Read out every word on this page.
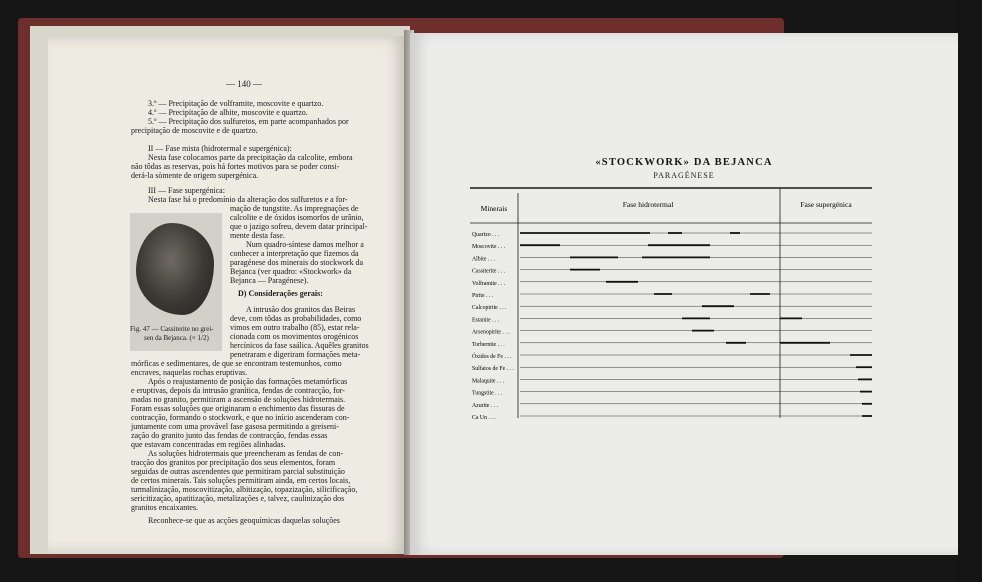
— 140 —
3.º — Precipitação de volframite, moscovite e quartzo.
4.º — Precipitação de albite, moscovite e quartzo.
5.º — Precipitação dos sulfuretos, em parte acompanhados por
precipitação de moscovite e de quartzo.
II — Fase mista (hidrotermal e supergénica):
Nesta fase colocamos parte da precipitação da calcolite, embora
não tôdas as reservas, pois há fortes motivos para se poder consi-
derá-la sòmente de origem supergénica.
III — Fase supergénica:
Nesta fase há o predomínio da alteração dos sulfuretos e a for-
Fig. 47 — Cassiterite no grei-
sen da Bejanca. (× 1/2)
mação de tungstite. As impregnações de
calcolite e de óxidos isomorfos de urânio,
que o jazigo sofreu, devem datar principal-
mente desta fase.
Num quadro-síntese damos melhor a
conhecer a interpretação que fizemos da
paragénese dos minerais do stockwork da
Bejanca (ver quadro: «Stockwork» da
Bejanca — Paragénese).
D) Considerações gerais:
A intrusão dos granitos das Beiras
deve, com tôdas as probabilidades, como
vimos em outro trabalho (85), estar rela-
cionada com os movimentos orogénicos
hercínicos da fase saálica. Aquêles granitos
penetraram e digeriram formações meta-
mórficas e sedimentares, de que se encontram testemunhos, como
encraves, naquelas rochas eruptivas.
Após o reajustamento de posição das formações metamórficas
e eruptivas, depois da intrusão granítica, fendas de contracção, for-
madas no granito, permitiram a ascensão de soluções hidrotermais.
Foram essas soluções que originaram o enchimento das fissuras de
contracção, formando o stockwork, e que no início ascenderam con-
juntamente com uma provável fase gasosa permitindo a greiseni-
zação do granito junto das fendas de contracção, fendas essas
que estavam concentradas em regiões alinhadas.
As soluções hidrotermais que preencheram as fendas de con-
tracção dos granitos por precipitação dos seus elementos, foram
seguidas de outras ascendentes que permitiram parcial substituição
de certos minerais. Tais soluções permitiram ainda, em certos locais,
turmalinização, moscovitização, albitização, topazização, silicificação,
sericitização, apatitização, metalizações e, talvez, caulinização dos
granitos encaixantes.
Reconhece-se que as acções geoquímicas daquelas soluções
«STOCKWORK» DA BEJANCA
PARAGÉNESE
Minerais	Fase hidrotermal	Fase supergénica
Quartzo . . .
Moscovite . . .
Albite . . .
Cassiterite . . .
Volframite . . .
Pirite . . .
Calcopirite . . .
Estanite . . .
Arsenopirite . . .
Torbernite . . .
Óxidos de Fe . . .
Sulfatos de Fe . . .
Malaquite . . .
Tungstite . . .
Azurite . . .
Ca Un . . .
